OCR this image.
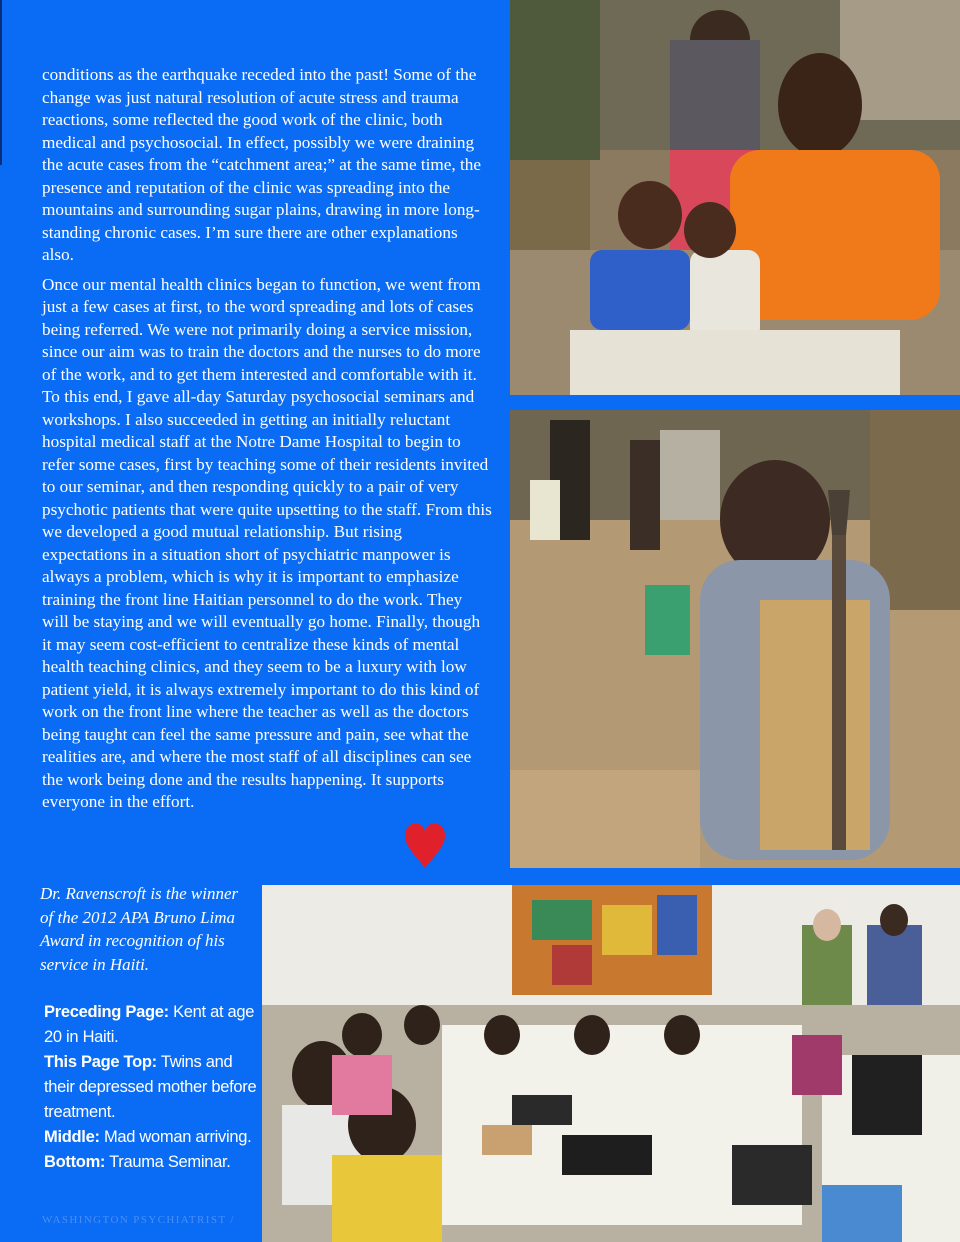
conditions as the earthquake receded into the past! Some of the change was just natural resolution of acute stress and trauma reactions, some reflected the good work of the clinic, both medical and psychosocial. In effect, possibly we were draining the acute cases from the “catchment area;” at the same time, the presence and reputation of the clinic was spreading into the mountains and surrounding sugar plains, drawing in more long-standing chronic cases. I’m sure there are other explanations also.

Once our mental health clinics began to function, we went from just a few cases at first, to the word spreading and lots of cases being referred. We were not primarily doing a service mission, since our aim was to train the doctors and the nurses to do more of the work, and to get them interested and comfortable with it. To this end, I gave all-day Saturday psychosocial seminars and workshops. I also succeeded in getting an initially reluctant hospital medical staff at the Notre Dame Hospital to begin to refer some cases, first by teaching some of their residents invited to our seminar, and then responding quickly to a pair of very psychotic patients that were quite upsetting to the staff. From this we developed a good mutual relationship. But rising expectations in a situation short of psychiatric manpower is always a problem, which is why it is important to emphasize training the front line Haitian personnel to do the work. They will be staying and we will eventually go home. Finally, though it may seem cost-efficient to centralize these kinds of mental health teaching clinics, and they seem to be a luxury with low patient yield, it is always extremely important to do this kind of work on the front line where the teacher as well as the doctors being taught can feel the same pressure and pain, see what the realities are, and where the most staff of all disciplines can see the work being done and the results happening. It supports everyone in the effort.

Dr. Ravenscroft is the winner of the 2012 APA Bruno Lima Award in recognition of his service in Haiti.
Preceding Page: Kent at age 20 in Haiti.
This Page Top: Twins and their depressed mother before treatment.
Middle: Mad woman arriving.
Bottom: Trauma Seminar.
WASHINGTON PSYCHIATRIST /
